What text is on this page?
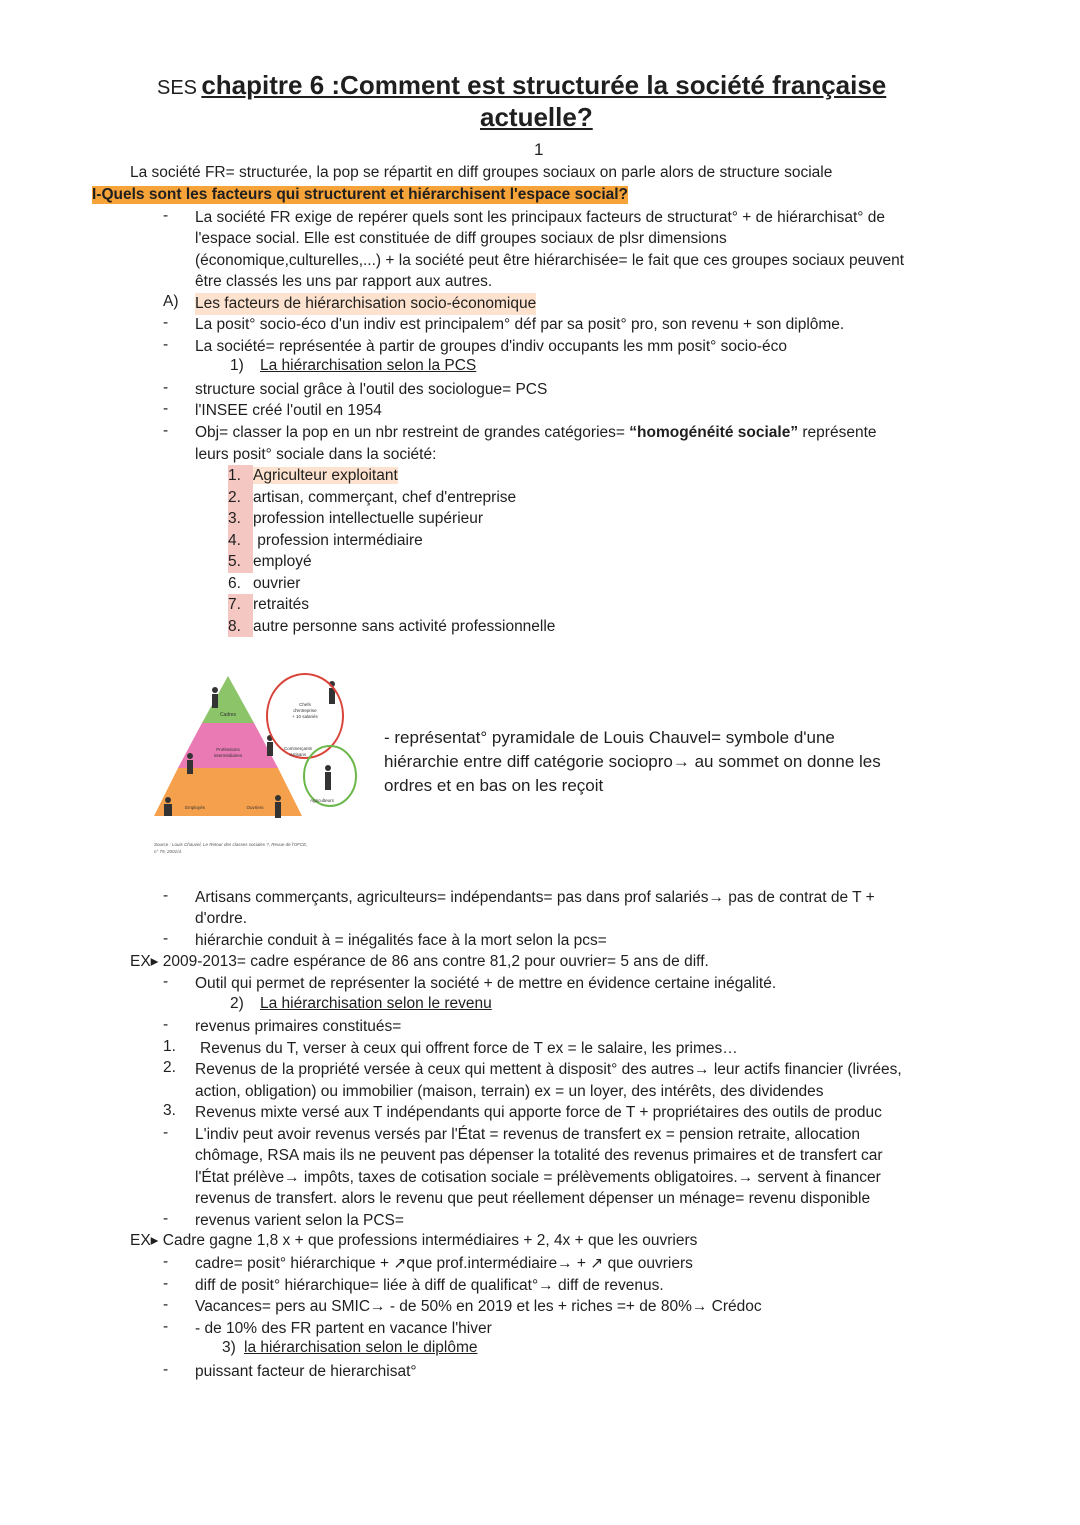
SES chapitre 6 :Comment est structurée la société française
actuelle?
1
La société FR= structurée, la pop se répartit en diff groupes sociaux on parle alors de structure sociale
I-Quels sont les facteurs qui structurent et hiérarchisent l'espace social?
- La société FR exige de repérer quels sont les principaux facteurs de structurat° + de hiérarchisat° de
l'espace social. Elle est constituée de diff groupes sociaux de plsr dimensions
(économique,culturelles,...) + la société peut être hiérarchisée= le fait que ces groupes sociaux peuvent
être classés les uns par rapport aux autres.
A) Les facteurs de hiérarchisation socio-économique
- La posit° socio-éco d'un indiv est principalem° déf par sa posit° pro, son revenu + son diplôme.
- La société= représentée à partir de groupes d'indiv occupants les mm posit° socio-éco
1) La hiérarchisation selon la PCS
- structure social grâce à l'outil des sociologue= PCS
- l'INSEE créé l'outil en 1954
- Obj= classer la pop en un nbr restreint de grandes catégories= “homogénéité sociale” représente
leurs posit° sociale dans la société:
1. Agriculteur exploitant
2. artisan, commerçant, chef d'entreprise
3. profession intellectuelle supérieur
4. profession intermédiaire
5. employé
6. ouvrier
7. retraités
8. autre personne sans activité professionnelle
Cadres
Professions
intermédiaires
Employés	Ouvriers
Chefs
d'entreprise
+ 10 salariés
Commerçants
Artisans
Agriculteurs
Source : Louis Chauvel, Le Retour des classes sociales ?, Revue de l'OFCE,
n° 79, 2001/4.
- représentat° pyramidale de Louis Chauvel= symbole d'une
hiérarchie entre diff catégorie sociopro→ au sommet on donne les
ordres et en bas on les reçoit
- Artisans commerçants, agriculteurs= indépendants= pas dans prof salariés→ pas de contrat de T +
d'ordre.
- hiérarchie conduit à = inégalités face à la mort selon la pcs=
EX▸ 2009-2013= cadre espérance de 86 ans contre 81,2 pour ouvrier= 5 ans de diff.
- Outil qui permet de représenter la société + de mettre en évidence certaine inégalité.
2) La hiérarchisation selon le revenu
- revenus primaires constitués=
1. Revenus du T, verser à ceux qui offrent force de T ex = le salaire, les primes…
2. Revenus de la propriété versée à ceux qui mettent à disposit° des autres→ leur actifs financier (livrées,
action, obligation) ou immobilier (maison, terrain) ex = un loyer, des intérêts, des dividendes
3. Revenus mixte versé aux T indépendants qui apporte force de T + propriétaires des outils de produc
- L'indiv peut avoir revenus versés par l'État = revenus de transfert ex = pension retraite, allocation
chômage, RSA mais ils ne peuvent pas dépenser la totalité des revenus primaires et de transfert car
l'État prélève→ impôts, taxes de cotisation sociale = prélèvements obligatoires.→ servent à financer
revenus de transfert. alors le revenu que peut réellement dépenser un ménage= revenu disponible
- revenus varient selon la PCS=
EX▸ Cadre gagne 1,8 x + que professions intermédiaires + 2, 4x + que les ouvriers
- cadre= posit° hiérarchique + ↗que prof.intermédiaire→ + ↗ que ouvriers
- diff de posit° hiérarchique= liée à diff de qualificat°→ diff de revenus.
- Vacances= pers au SMIC→ - de 50% en 2019 et les + riches =+ de 80%→ Crédoc
- - de 10% des FR partent en vacance l'hiver
3) la hiérarchisation selon le diplôme
- puissant facteur de hierarchisat°
